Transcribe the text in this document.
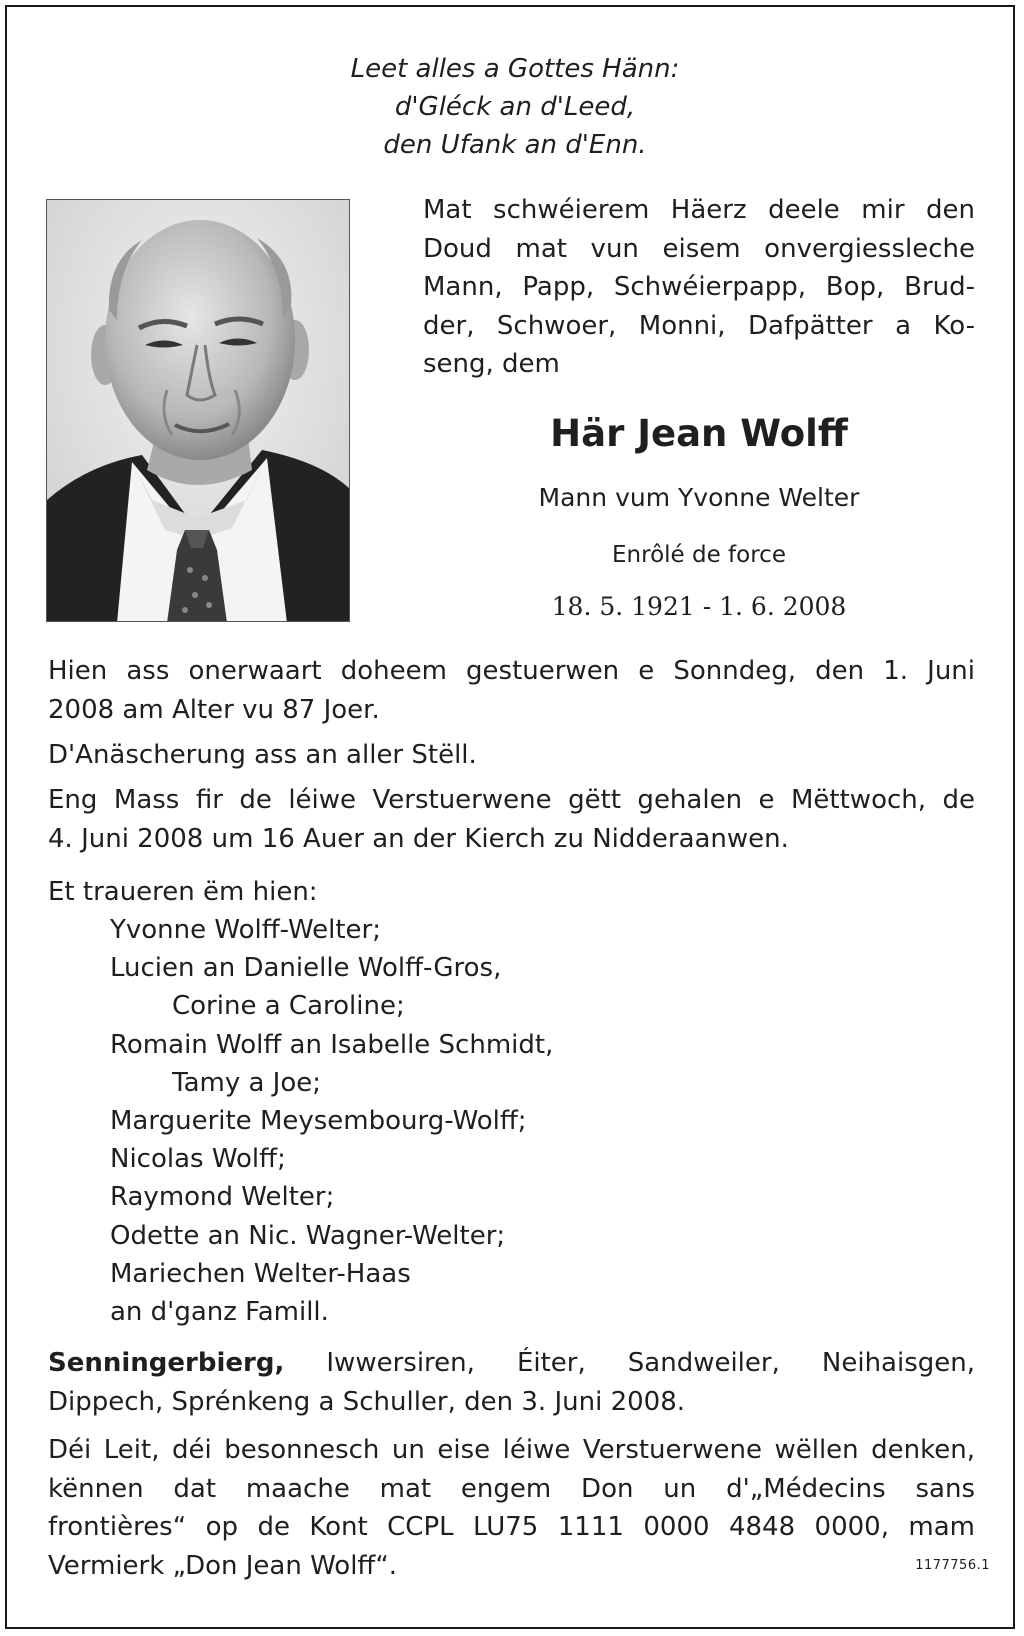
Leet alles a Gottes Hänn:
d'Gléck an d'Leed,
den Ufank an d'Enn.
Mat schwéierem Häerz deele mir den
Doud mat vun eisem onvergiessleche
Mann, Papp, Schwéierpapp, Bop, Brud-
der, Schwoer, Monni, Dafpätter a Ko-
seng, dem
Här Jean Wolff
Mann vum Yvonne Welter
Enrôlé de force
18. 5. 1921 - 1. 6. 2008
Hien ass onerwaart doheem gestuerwen e Sonndeg, den 1. Juni
2008 am Alter vu 87 Joer.
D'Anäscherung ass an aller Stëll.
Eng Mass fir de léiwe Verstuerwene gëtt gehalen e Mëttwoch, de
4. Juni 2008 um 16 Auer an der Kierch zu Nidderaanwen.
Et traueren ëm hien:
Yvonne Wolff-Welter;
Lucien an Danielle Wolff-Gros,
Corine a Caroline;
Romain Wolff an Isabelle Schmidt,
Tamy a Joe;
Marguerite Meysembourg-Wolff;
Nicolas Wolff;
Raymond Welter;
Odette an Nic. Wagner-Welter;
Mariechen Welter-Haas
an d'ganz Famill.
Senningerbierg, Iwwersiren, Éiter, Sandweiler, Neihaisgen,
Dippech, Sprénkeng a Schuller, den 3. Juni 2008.
Déi Leit, déi besonnesch un eise léiwe Verstuerwene wëllen denken,
kënnen dat maache mat engem Don un d'„Médecins sans
frontières“ op de Kont CCPL LU75 1111 0000 4848 0000, mam
Vermierk „Don Jean Wolff“.	1177756.1
